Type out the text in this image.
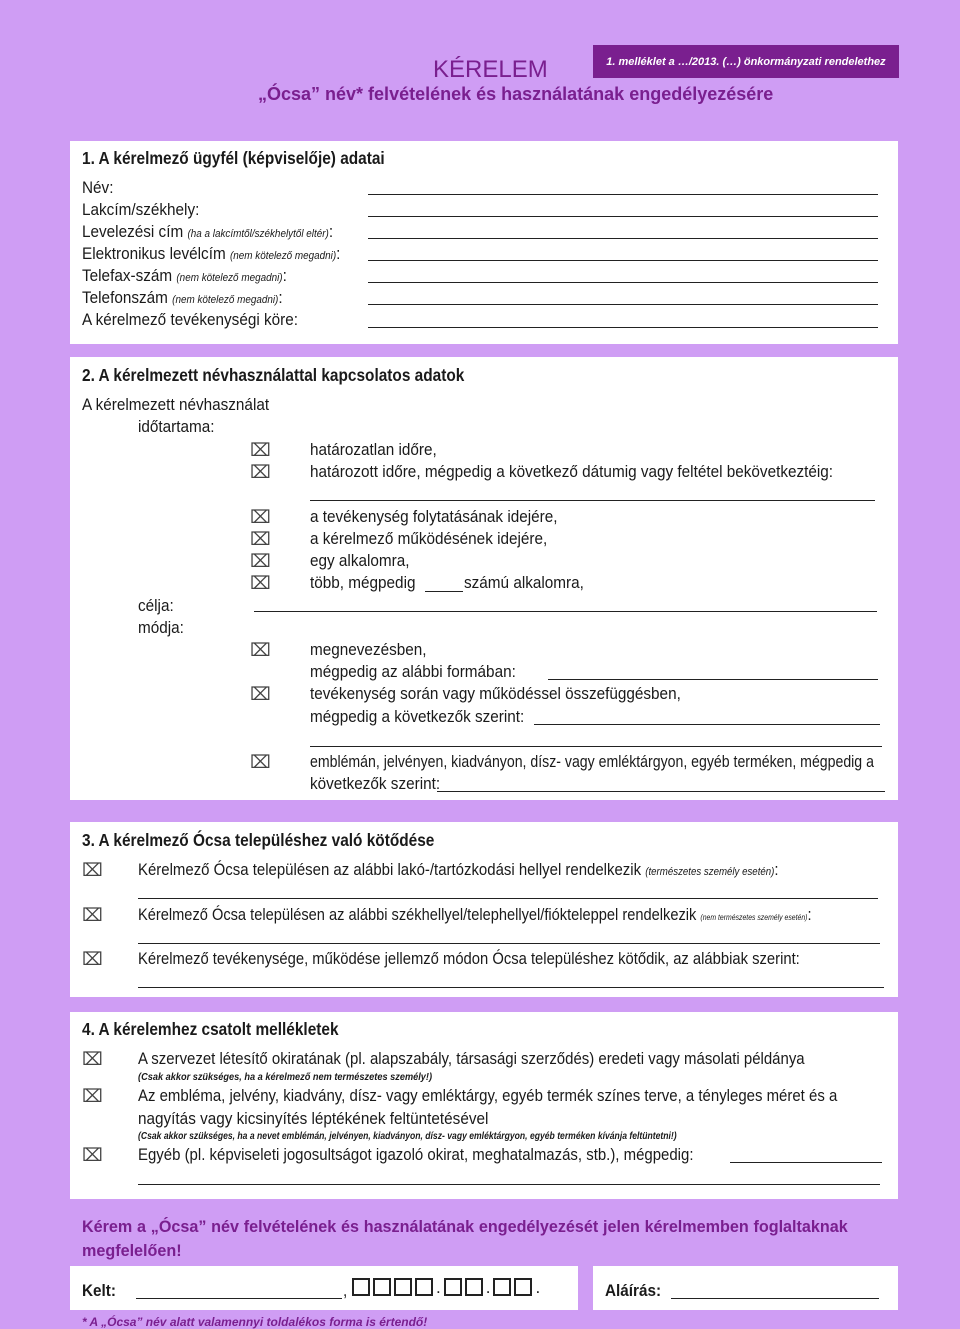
KÉRELEM
„Ócsa” név* felvételének és használatának engedélyezésére
1. melléklet a …/2013. (…) önkormányzati rendelethez
1. A kérelmező ügyfél (képviselője) adatai
Név:
Lakcím/székhely:
Levelezési cím (ha a lakcímtől/székhelytől eltér):
Elektronikus levélcím (nem kötelező megadni):
Telefax-szám (nem kötelező megadni):
Telefonszám (nem kötelező megadni):
A kérelmező tevékenységi köre:
2. A kérelmezett névhasználattal kapcsolatos adatok
A kérelmezett névhasználat
időtartama:
⌧ határozatlan időre,
⌧ határozott időre, mégpedig a következő dátumig vagy feltétel bekövetkeztéig:
⌧ a tevékenység folytatásának idejére,
⌧ a kérelmező működésének idejére,
⌧ egy alkalomra,
⌧ több, mégpedig	számú alkalomra,
célja:
módja:
⌧ megnevezésben,
mégpedig az alábbi formában:
⌧ tevékenység során vagy működéssel összefüggésben,
mégpedig a következők szerint:
⌧ emblémán, jelvényen, kiadványon, dísz- vagy emléktárgyon, egyéb terméken, mégpedig a
következők szerint:
3. A kérelmező Ócsa településhez való kötődése
⌧ Kérelmező Ócsa településen az alábbi lakó-/tartózkodási hellyel rendelkezik (természetes személy esetén):
⌧ Kérelmező Ócsa településen az alábbi székhellyel/telephellyel/fiókteleppel rendelkezik (nem természetes személy esetén):
⌧ Kérelmező tevékenysége, működése jellemző módon Ócsa településhez kötődik, az alábbiak szerint:
4. A kérelemhez csatolt mellékletek
⌧ A szervezet létesítő okiratának (pl. alapszabály, társasági szerződés) eredeti vagy másolati példánya
(Csak akkor szükséges, ha a kérelmező nem természetes személy!)
⌧ Az embléma, jelvény, kiadvány, dísz- vagy emléktárgy, egyéb termék színes terve, a tényleges méret és a
nagyítás vagy kicsinyítés léptékének feltüntetésével
(Csak akkor szükséges, ha a nevet emblémán, jelvényen, kiadványon, dísz- vagy emléktárgyon, egyéb terméken kívánja feltüntetni!)
⌧ Egyéb (pl. képviseleti jogosultságot igazoló okirat, meghatalmazás, stb.), mégpedig:
Kérem a „Ócsa” név felvételének és használatának engedélyezését jelen kérelmemben foglaltaknak megfelelően!
Kelt:	,	.	.	.	Aláírás:
* A „Ócsa” név alatt valamennyi toldalékos forma is értendő!
